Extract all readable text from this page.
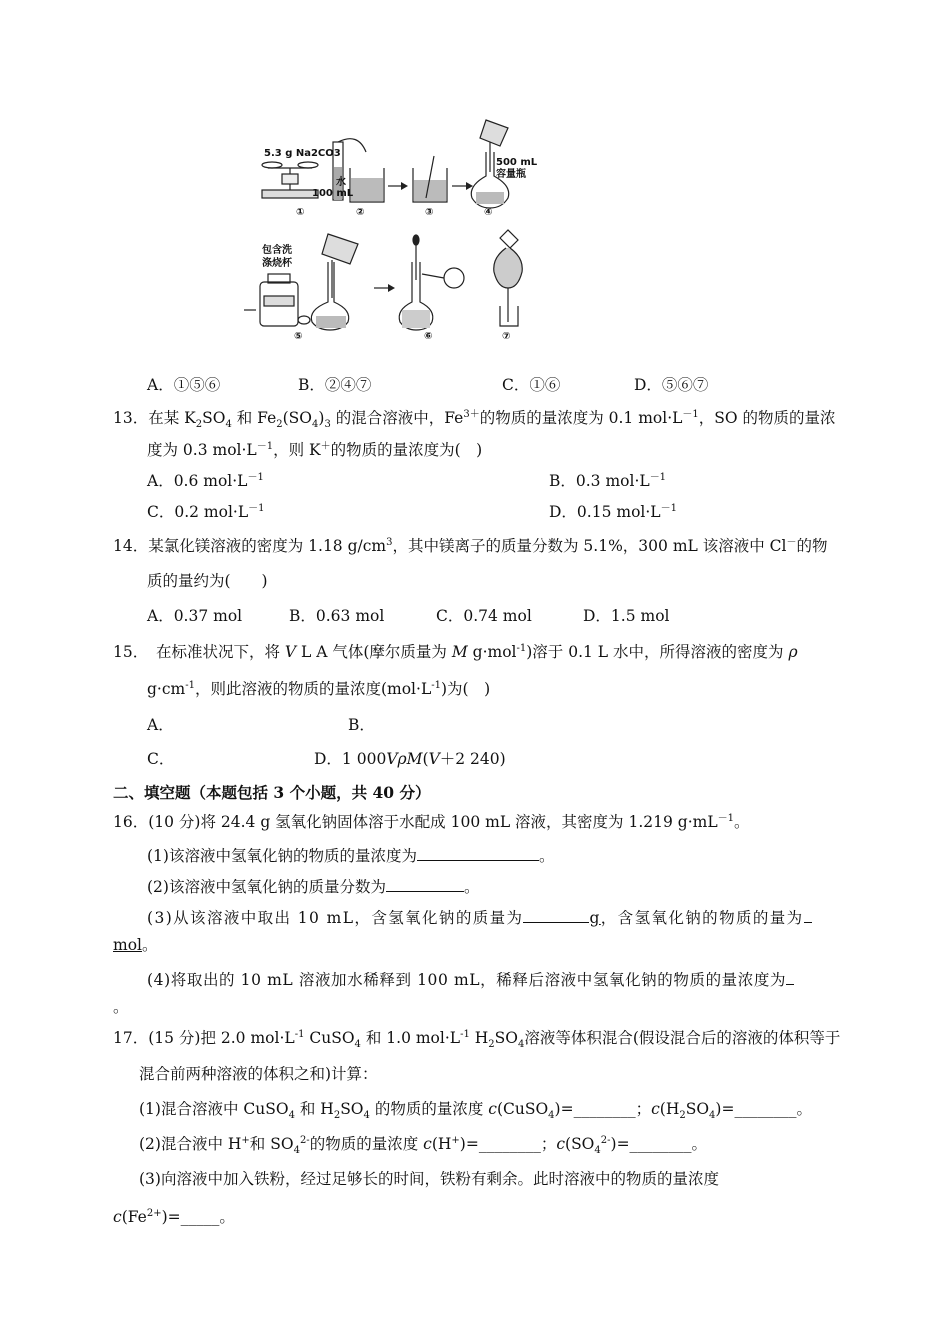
5.3 g Na2CO3
水
100 mL
500 mL
容量瓶
包含洗
涤烧杯
①	②	③	④
⑤	⑥	⑦
A．①⑤⑥	B．②④⑦	C．①⑥	D．⑤⑥⑦
13．在某 $K_2SO_4$ 和 $Fe_2(SO_4)_3$ 的混合溶液中，$Fe^{3+}$的物质的量浓度为 0.1 $mol\cdot L^{-1}$，SO 的物质的量浓
度为 0.3 $mol\cdot L^{-1}$，则 K＋的物质的量浓度为(　)
A．0.6 $mol\cdot L^{-1}$	B．0.3 $mol\cdot L^{-1}$
C．0.2 $mol\cdot L^{-1}$	D．0.15 $mol\cdot L^{-1}$
14．某氯化镁溶液的密度为 1.18 $g/cm^3$，其中镁离子的质量分数为 5.1%，300 mL 该溶液中 Cl－的物
质的量约为(　　)
A．0.37 mol	B．0.63 mol	C．0.74 mol	D．1.5 mol
15．　在标准状况下，将 V L A 气体(摩尔质量为 M g·mol$^{-1}$)溶于 0.1 L 水中，所得溶液的密度为 ρ
$g\cdot cm^{-1}$，则此溶液的物质的量浓度$(mol\cdot L^{-1})$为(　)
A．	B．
C．	D．1 000VρM(V＋2 240)
二、填空题（本题包括 3 个小题，共 40 分）
16．(10 分)将 24.4 g 氢氧化钠固体溶于水配成 100 mL 溶液，其密度为 1.219 $g\cdot mL^{-1}$。
(1)该溶液中氢氧化钠的物质的量浓度为	。
(2)该溶液中氢氧化钠的质量分数为	。
(3)从该溶液中取出 10 mL，含氢氧化钠的质量为	g，含氢氧化钠的物质的量为
mol。
(4)将取出的 10 mL 溶液加水稀释到 100 mL，稀释后溶液中氢氧化钠的物质的量浓度为
。
17．(15 分)把 2.0 $mol\cdot L^{-1}$ CuSO$_4$ 和 1.0 $mol\cdot L^{-1}$ $H_2SO_4$溶液等体积混合(假设混合后的溶液的体积等于
混合前两种溶液的体积之和)计算：
(1)混合溶液中 CuSO$_4$ 和 $H_2SO_4$ 的物质的量浓度 c(CuSO$_4$)=________；$c(H_2SO_4)=\_\_\_\_\_\_\_\_$。
(2)混合液中 H+和 $SO_4^{2-}$的物质的量浓度 c(H+)=________；$c(SO_4^{2-})=\_\_\_\_\_\_\_\_$。
(3)向溶液中加入铁粉，经过足够长的时间，铁粉有剩余。此时溶液中的物质的量浓度
$c(Fe^{2+})=\_\_\_\_\_$。
